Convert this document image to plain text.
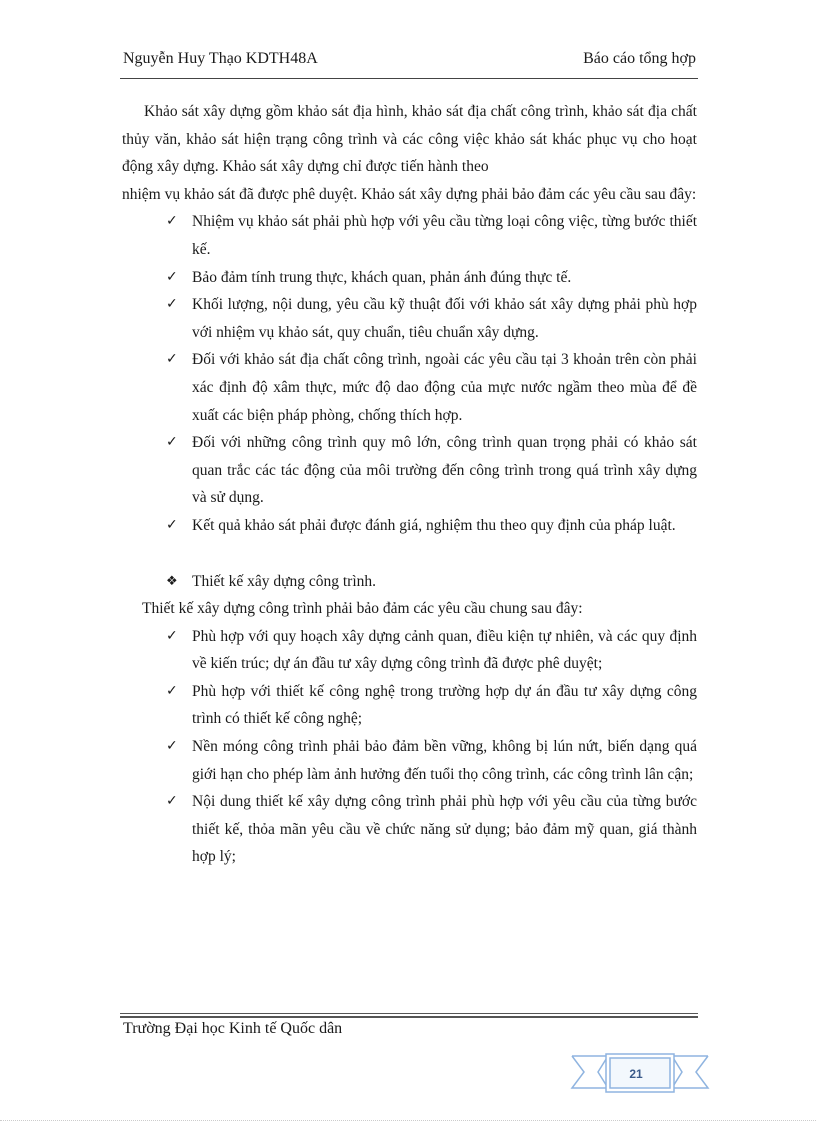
Nguyễn Huy Thạo KDTH48A	Báo cáo tổng hợp

Khảo sát xây dựng gồm khảo sát địa hình, khảo sát địa chất công trình, khảo sát địa chất thủy văn, khảo sát hiện trạng công trình và các công việc khảo sát khác phục vụ cho hoạt động xây dựng. Khảo sát xây dựng chỉ được tiến hành theo

nhiệm vụ khảo sát đã được phê duyệt. Khảo sát xây dựng phải bảo đảm các yêu cầu sau đây:

✓ Nhiệm vụ khảo sát phải phù hợp với yêu cầu từng loại công việc, từng bước thiết kế.
✓ Bảo đảm tính trung thực, khách quan, phản ánh đúng thực tế.
✓ Khối lượng, nội dung, yêu cầu kỹ thuật đối với khảo sát xây dựng phải phù hợp với nhiệm vụ khảo sát, quy chuẩn, tiêu chuẩn xây dựng.
✓ Đối với khảo sát địa chất công trình, ngoài các yêu cầu tại 3 khoản trên còn phải xác định độ xâm thực, mức độ dao động của mực nước ngầm theo mùa để đề xuất các biện pháp phòng, chống thích hợp.
✓ Đối với những công trình quy mô lớn, công trình quan trọng phải có khảo sát quan trắc các tác động của môi trường đến công trình trong quá trình xây dựng và sử dụng.
✓ Kết quả khảo sát phải được đánh giá, nghiệm thu theo quy định của pháp luật.
❖ Thiết kế xây dựng công trình.

Thiết kế xây dựng công trình phải bảo đảm các yêu cầu chung sau đây:

✓ Phù hợp với quy hoạch xây dựng cảnh quan, điều kiện tự nhiên, và các quy định về kiến trúc; dự án đầu tư xây dựng công trình đã được phê duyệt;
✓ Phù hợp với thiết kế công nghệ trong trường hợp dự án đầu tư xây dựng công trình có thiết kế công nghệ;
✓ Nền móng công trình phải bảo đảm bền vững, không bị lún nứt, biến dạng quá giới hạn cho phép làm ảnh hưởng đến tuổi thọ công trình, các công trình lân cận;
✓ Nội dung thiết kế xây dựng công trình phải phù hợp với yêu cầu của từng bước thiết kế, thỏa mãn yêu cầu về chức năng sử dụng; bảo đảm mỹ quan, giá thành hợp lý;
Trường Đại học Kinh tế Quốc dân
21
